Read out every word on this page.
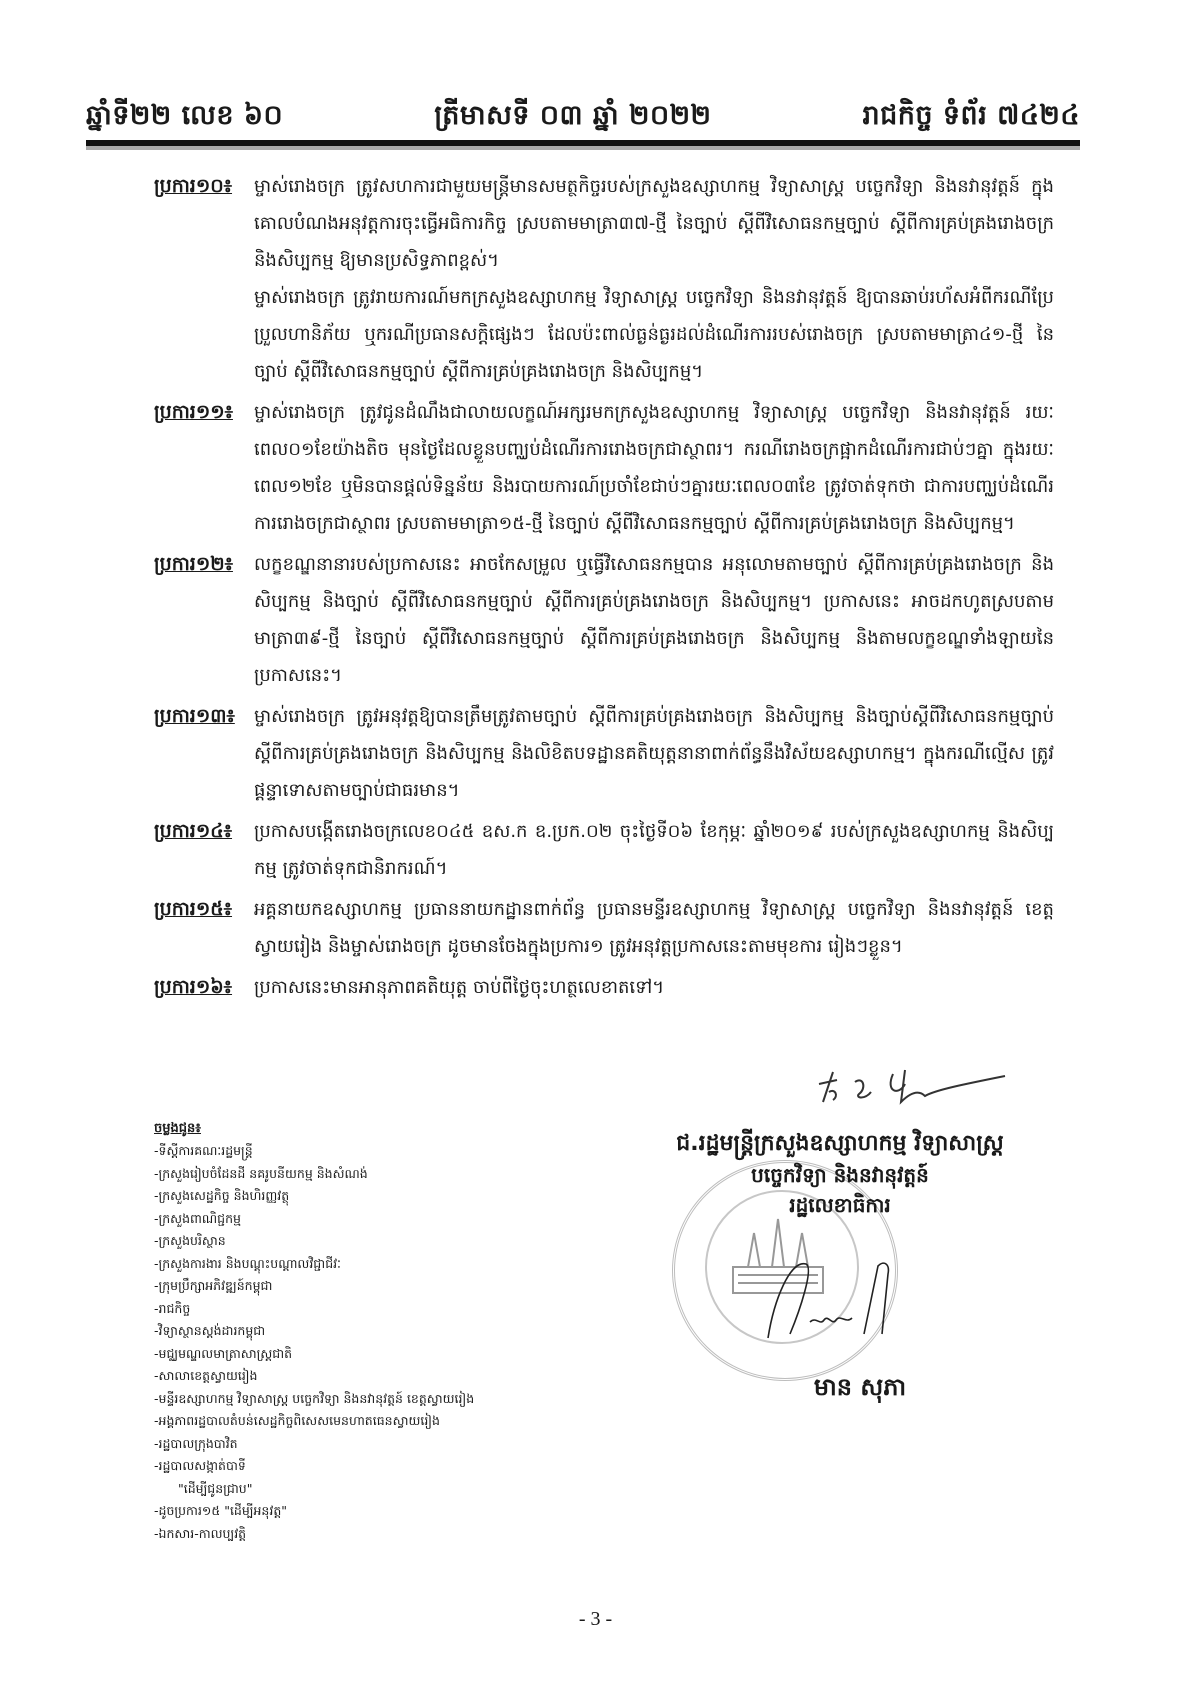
ឆ្នាំទី២២ លេខ ៦០	ត្រីមាសទី ០៣ ឆ្នាំ ២០២២	រាជកិច្ច ទំព័រ ៧៤២៤
ប្រការ១០៖	ម្ចាស់រោងចក្រ ត្រូវសហការជាមួយមន្ត្រីមានសមត្ថកិច្ចរបស់ក្រសួងឧស្សាហកម្ម វិទ្យាសាស្ត្រ បច្ចេកវិទ្យា និងនវានុវត្តន៍ ក្នុងគោលបំណងអនុវត្តការចុះធ្វើអធិការកិច្ច ស្របតាមមាត្រា៣៧-ថ្មី នៃច្បាប់ ស្ដីពីវិសោធនកម្មច្បាប់ ស្ដីពីការគ្រប់គ្រងរោងចក្រ និងសិប្បកម្ម ឱ្យមានប្រសិទ្ធភាពខ្ពស់។

ម្ចាស់រោងចក្រ ត្រូវរាយការណ៍មកក្រសួងឧស្សាហកម្ម វិទ្យាសាស្ត្រ បច្ចេកវិទ្យា និងនវានុវត្តន៍ ឱ្យបានឆាប់រហ័សអំពីករណីប្រែប្រួលហានិភ័យ ឬករណីប្រធានសក្តិផ្សេងៗ ដែលប៉ះពាល់ធ្ងន់ធ្ងរដល់ដំណើរការរបស់រោងចក្រ ស្របតាមមាត្រា៤១-ថ្មី នៃច្បាប់ ស្ដីពីវិសោធនកម្មច្បាប់ ស្ដីពីការគ្រប់គ្រងរោងចក្រ និងសិប្បកម្ម។

ប្រការ១១៖	ម្ចាស់រោងចក្រ ត្រូវជូនដំណឹងជាលាយលក្ខណ៍អក្សរមកក្រសួងឧស្សាហកម្ម វិទ្យាសាស្ត្រ បច្ចេកវិទ្យា និងនវានុវត្តន៍ រយៈពេល០១ខែយ៉ាងតិច មុនថ្ងៃដែលខ្លួនបញ្ឈប់ដំណើរការរោងចក្រជាស្ថាពរ។ ករណីរោងចក្រផ្អាកដំណើរការជាប់ៗគ្នា ក្នុងរយៈពេល១២ខែ ឬមិនបានផ្ដល់ទិន្នន័យ និងរបាយការណ៍ប្រចាំខែជាប់ៗគ្នារយៈពេល០៣ខែ ត្រូវចាត់ទុកថា ជាការបញ្ឈប់ដំណើរការរោងចក្រជាស្ថាពរ ស្របតាមមាត្រា១៥-ថ្មី នៃច្បាប់ ស្ដីពីវិសោធនកម្មច្បាប់ ស្ដីពីការគ្រប់គ្រងរោងចក្រ និងសិប្បកម្ម។

ប្រការ១២៖	លក្ខខណ្ឌនានារបស់ប្រកាសនេះ អាចកែសម្រួល ឬធ្វើវិសោធនកម្មបាន អនុលោមតាមច្បាប់ ស្ដីពីការគ្រប់គ្រងរោងចក្រ និងសិប្បកម្ម និងច្បាប់ ស្ដីពីវិសោធនកម្មច្បាប់ ស្ដីពីការគ្រប់គ្រងរោងចក្រ និងសិប្បកម្ម។ ប្រកាសនេះ អាចដកហូតស្របតាមមាត្រា៣៩-ថ្មី នៃច្បាប់ ស្ដីពីវិសោធនកម្មច្បាប់ ស្ដីពីការគ្រប់គ្រងរោងចក្រ និងសិប្បកម្ម និងតាមលក្ខខណ្ឌទាំងឡាយនៃប្រកាសនេះ។

ប្រការ១៣៖	ម្ចាស់រោងចក្រ ត្រូវអនុវត្តឱ្យបានត្រឹមត្រូវតាមច្បាប់ ស្ដីពីការគ្រប់គ្រងរោងចក្រ និងសិប្បកម្ម និងច្បាប់ស្ដីពីវិសោធនកម្មច្បាប់ ស្ដីពីការគ្រប់គ្រងរោងចក្រ និងសិប្បកម្ម និងលិខិតបទដ្ឋានគតិយុត្តនានាពាក់ព័ន្ធនឹងវិស័យឧស្សាហកម្ម។ ក្នុងករណីល្មើស ត្រូវផ្ដន្ទាទោសតាមច្បាប់ជាធរមាន។

ប្រការ១៤៖	ប្រកាសបង្កើតរោងចក្រលេខ០៤៥ ឧស.ក ឧ.ប្រក.០២ ចុះថ្ងៃទី០៦ ខែកុម្ភៈ ឆ្នាំ២០១៩ របស់ក្រសួងឧស្សាហកម្ម និងសិប្បកម្ម ត្រូវចាត់ទុកជានិរាករណ៍។

ប្រការ១៥៖	អគ្គនាយកឧស្សាហកម្ម ប្រធាននាយកដ្ឋានពាក់ព័ន្ធ ប្រធានមន្ទីរឧស្សាហកម្ម វិទ្យាសាស្ត្រ បច្ចេកវិទ្យា និងនវានុវត្តន៍ ខេត្តស្វាយរៀង និងម្ចាស់រោងចក្រ ដូចមានចែងក្នុងប្រការ១ ត្រូវអនុវត្តប្រកាសនេះតាមមុខការ រៀងៗខ្លួន។

ប្រការ១៦៖	ប្រកាសនេះមានអានុភាពគតិយុត្ត ចាប់ពីថ្ងៃចុះហត្ថលេខាតទៅ។

ចម្លងជូន៖
-ទីស្ដីការគណៈរដ្ឋមន្ត្រី
-ក្រសួងរៀបចំដែនដី នគរូបនីយកម្ម និងសំណង់
-ក្រសួងសេដ្ឋកិច្ច និងហិរញ្ញវត្ថុ
-ក្រសួងពាណិជ្ជកម្ម
-ក្រសួងបរិស្ថាន
-ក្រសួងការងារ និងបណ្ដុះបណ្ដាលវិជ្ជាជីវៈ
-ក្រុមប្រឹក្សាអភិវឌ្ឍន៍កម្ពុជា
-រាជកិច្ច
-វិទ្យាស្ថានស្តង់ដារកម្ពុជា
-មជ្ឈមណ្ឌលមាត្រាសាស្ត្រជាតិ
-សាលាខេត្តស្វាយរៀង
-មន្ទីរឧស្សាហកម្ម វិទ្យាសាស្ត្រ បច្ចេកវិទ្យា និងនវានុវត្តន៍ ខេត្តស្វាយរៀង
-អង្គភាពរដ្ឋបាលតំបន់សេដ្ឋកិច្ចពិសេសមេនហាតធេនស្វាយរៀង
-រដ្ឋបាលក្រុងបាវិត
-រដ្ឋបាលសង្កាត់បាទី
"ដើម្បីជូនជ្រាប"
-ដូចប្រការ១៥ "ដើម្បីអនុវត្ត"
-ឯកសារ-កាលប្បវត្តិ
ជ.រដ្ឋមន្ត្រីក្រសួងឧស្សាហកម្ម វិទ្យាសាស្ត្រ
បច្ចេកវិទ្យា និងនវានុវត្តន៍
រដ្ឋលេខាធិការ
មាន សុភា
- 3 -
